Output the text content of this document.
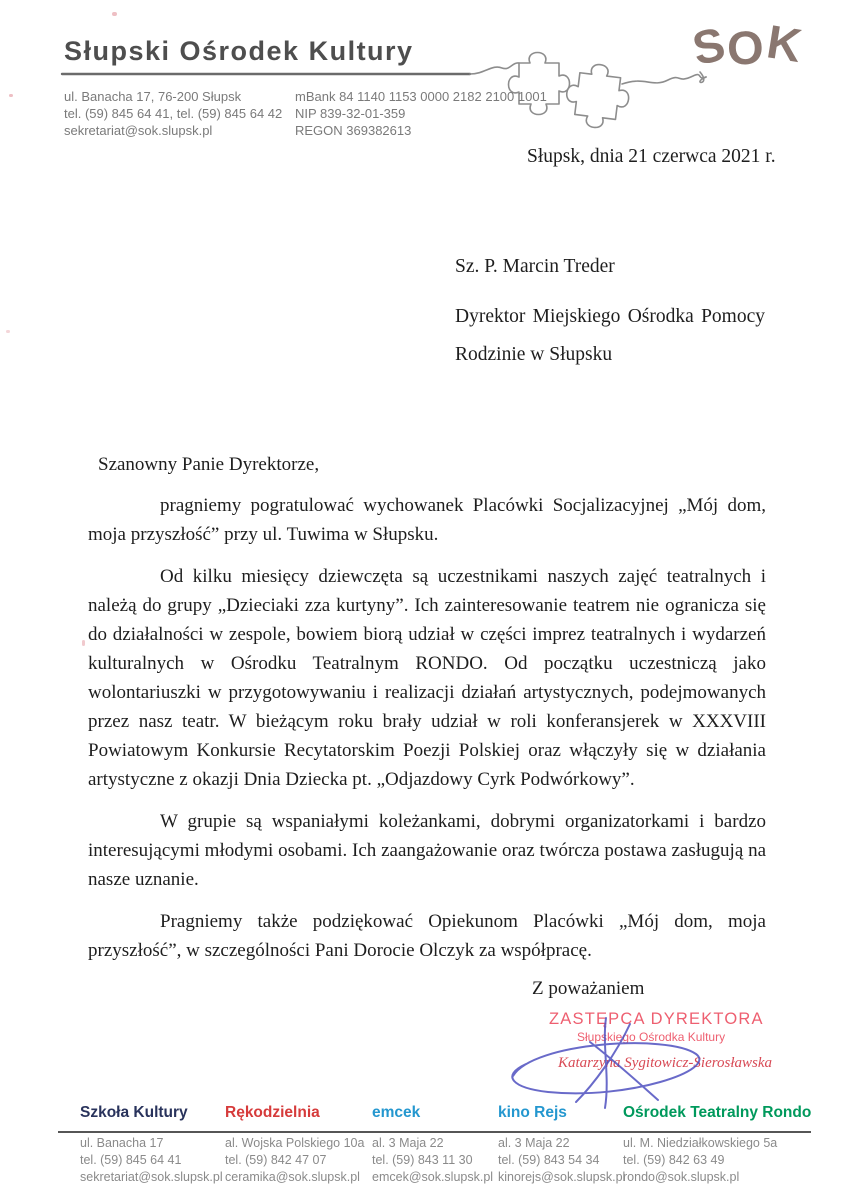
Słupski Ośrodek Kultury	SOK
ul. Banacha 17, 76-200 Słupsk
tel. (59) 845 64 41, tel. (59) 845 64 42
sekretariat@sok.slupsk.pl
mBank 84 1140 1153 0000 2182 2100 1001
NIP 839-32-01-359
REGON 369382613
Słupsk, dnia 21 czerwca 2021 r.

Sz. P. Marcin Treder

Dyrektor Miejskiego Ośrodka Pomocy Rodzinie w Słupsku

Szanowny Panie Dyrektorze,

pragniemy pogratulować wychowanek Placówki Socjalizacyjnej „Mój dom, moja przyszłość” przy ul. Tuwima w Słupsku.

Od kilku miesięcy dziewczęta są uczestnikami naszych zajęć teatralnych i należą do grupy „Dzieciaki zza kurtyny”. Ich zainteresowanie teatrem nie ogranicza się do działalności w zespole, bowiem biorą udział w części imprez teatralnych i wydarzeń kulturalnych w Ośrodku Teatralnym RONDO. Od początku uczestniczą jako wolontariuszki w przygotowywaniu i realizacji działań artystycznych, podejmowanych przez nasz teatr. W bieżącym roku brały udział w roli konferansjerek w XXXVIII Powiatowym Konkursie Recytatorskim Poezji Polskiej oraz włączyły się w działania artystyczne z okazji Dnia Dziecka pt. „Odjazdowy Cyrk Podwórkowy”.

W grupie są wspaniałymi koleżankami, dobrymi organizatorkami i bardzo interesującymi młodymi osobami. Ich zaangażowanie oraz twórcza postawa zasługują na nasze uznanie.

Pragniemy także podziękować Opiekunom Placówki „Mój dom, moja przyszłość”, w szczególności Pani Dorocie Olczyk za współpracę.

Z poważaniem
ZASTĘPCA DYREKTORA
Słupskiego Ośrodka Kultury
Katarzyna Sygitowicz-Sierosławska
Szkoła Kultury
ul. Banacha 17
tel. (59) 845 64 41
sekretariat@sok.slupsk.pl
Rękodzielnia
al. Wojska Polskiego 10a
tel. (59) 842 47 07
ceramika@sok.slupsk.pl
emcek
al. 3 Maja 22
tel. (59) 843 11 30
emcek@sok.slupsk.pl
kino Rejs
al. 3 Maja 22
tel. (59) 843 54 34
kinorejs@sok.slupsk.pl
Ośrodek Teatralny Rondo
ul. M. Niedziałkowskiego 5a
tel. (59) 842 63 49
rondo@sok.slupsk.pl
